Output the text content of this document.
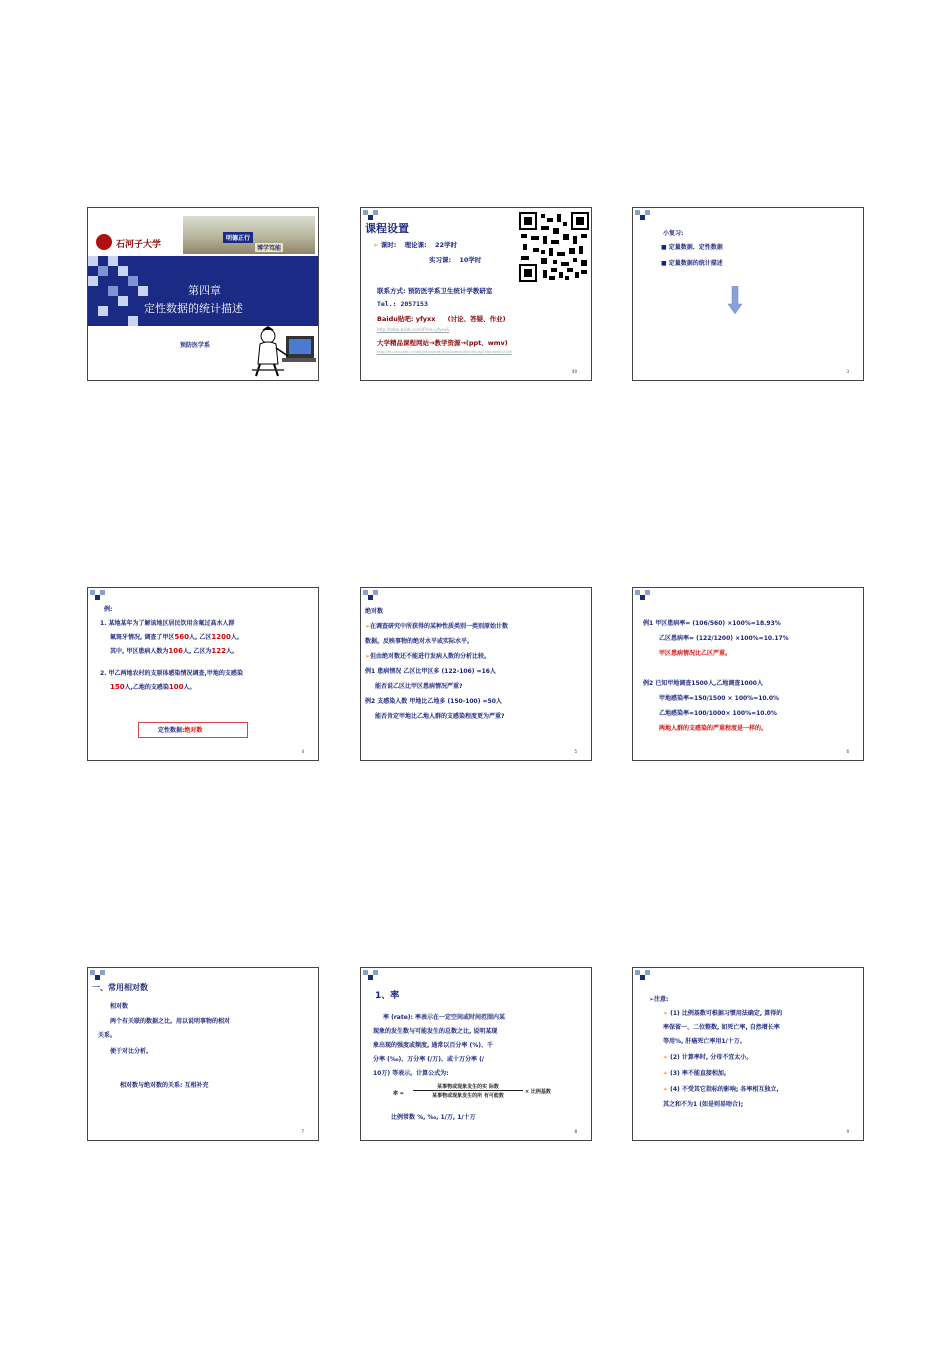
石河子大学
明德正行
博学笃能
第四章
定性数据的统计描述
预防医学系
课程设置
➢ 课时: 理论课: 22学时
实习课: 10学时
联系方式: 预防医学系卫生统计学教研室
Tel.: 2057153
Baidu贴吧: yfyxx (讨论、答疑、作业)
http://tieba.baidu.com/f?kw=yfyxx&
大学精品课程网站→教学资源→(ppt、wmv)
http://esl.shzu.edu.cn/aol/jpk/course/layout/default/index.jsp?courseId=2156
40
小复习:
■ 定量数据、定性数据
■ 定量数据的统计描述
3
例:
1. 某地某年为了解该地区居民饮用含氟过高水人群
氟斑牙情况, 调查了甲区560人, 乙区1200人。
其中, 甲区患病人数为106人, 乙区为122人。
2. 甲乙两地农村的支原体感染情况调查,甲地的支感染
150人,乙地的支感染100人。
定性数据:绝对数
4
绝对数
➢在调查研究中所获得的某种性质类别一类别原始计数
数据。反映事物的绝对水平或实际水平。
➢但由绝对数还不能进行发病人数的分析比较。
例1 患病情况 乙区比甲区多 (122-106) =16人
能否说乙区比甲区患病情况严重?
例2 支感染人数 甲地比乙地多 (150-100) =50人
能否肯定甲地比乙地人群的支感染程度更为严重?
5
例1 甲区患病率= (106/560) ×100%=18.93%
乙区患病率= (122/1200) ×100%=10.17%
甲区患病情况比乙区严重。
例2 已知甲地调查1500人,乙地调查1000人
甲地感染率=150/1500 × 100%=10.0%
乙地感染率=100/1000× 100%=10.0%
两地人群的支感染的严重程度是一样的。
6
一、常用相对数
相对数
两个有关联的数据之比。用以说明事物的相对
关系。
便于对比分析。
相对数与绝对数的关系: 互相补充
7
1、率
率 (rate): 率表示在一定空间或时间范围内某
现象的发生数与可能发生的总数之比, 说明某现
象出现的强度或频度, 通常以百分率 (%)、千
分率 (‰)、万分率 (/万)、或十万分率 (/
10万) 等表示。计算公式为:
率 =
某事物或现象发生的实 际数
某事物或现象发生的所 有可能数
× 比例基数
比例常数 %, ‰, 1/万, 1/十万
8
➢注意:
➢ (1) 比例基数可根据习惯用法确定, 算得的
率保留一、二位整数, 如死亡率, 自然增长率
等用%, 肝癌死亡率用1/十万。
➢ (2) 计算率时, 分母不宜太小。
➢ (3) 率不能直接相加。
➢ (4) 不受其它指标的影响; 各率相互独立,
其之和不为1 (如是则易吻合);
9
